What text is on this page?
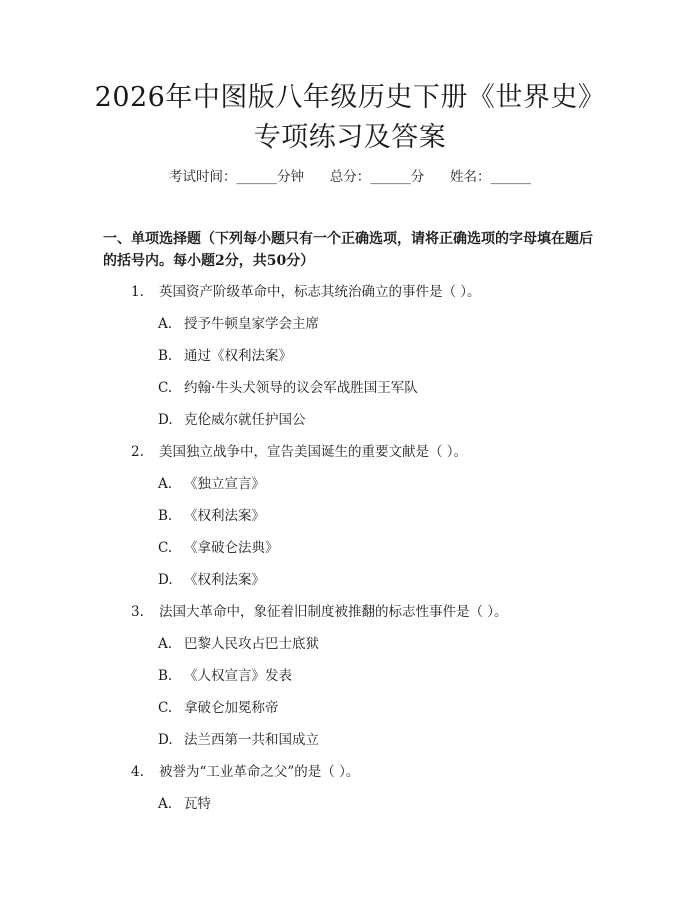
2026年中图版八年级历史下册《世界史》专项练习及答案
考试时间：______分钟      总分：______分      姓名：______
一、单项选择题（下列每小题只有一个正确选项，请将正确选项的字母填在题后的括号内。每小题2分，共50分）
1. 英国资产阶级革命中，标志其统治确立的事件是（ ）。
A. 授予牛顿皇家学会主席
B. 通过《权利法案》
C. 约翰·牛头犬领导的议会军战胜国王军队
D. 克伦威尔就任护国公
2. 美国独立战争中，宣告美国诞生的重要文献是（ ）。
A. 《独立宣言》
B. 《权利法案》
C. 《拿破仑法典》
D. 《权利法案》
3. 法国大革命中，象征着旧制度被推翻的标志性事件是（ ）。
A. 巴黎人民攻占巴士底狱
B. 《人权宣言》发表
C. 拿破仑加冕称帝
D. 法兰西第一共和国成立
4. 被誉为“工业革命之父”的是（ ）。
A. 瓦特
